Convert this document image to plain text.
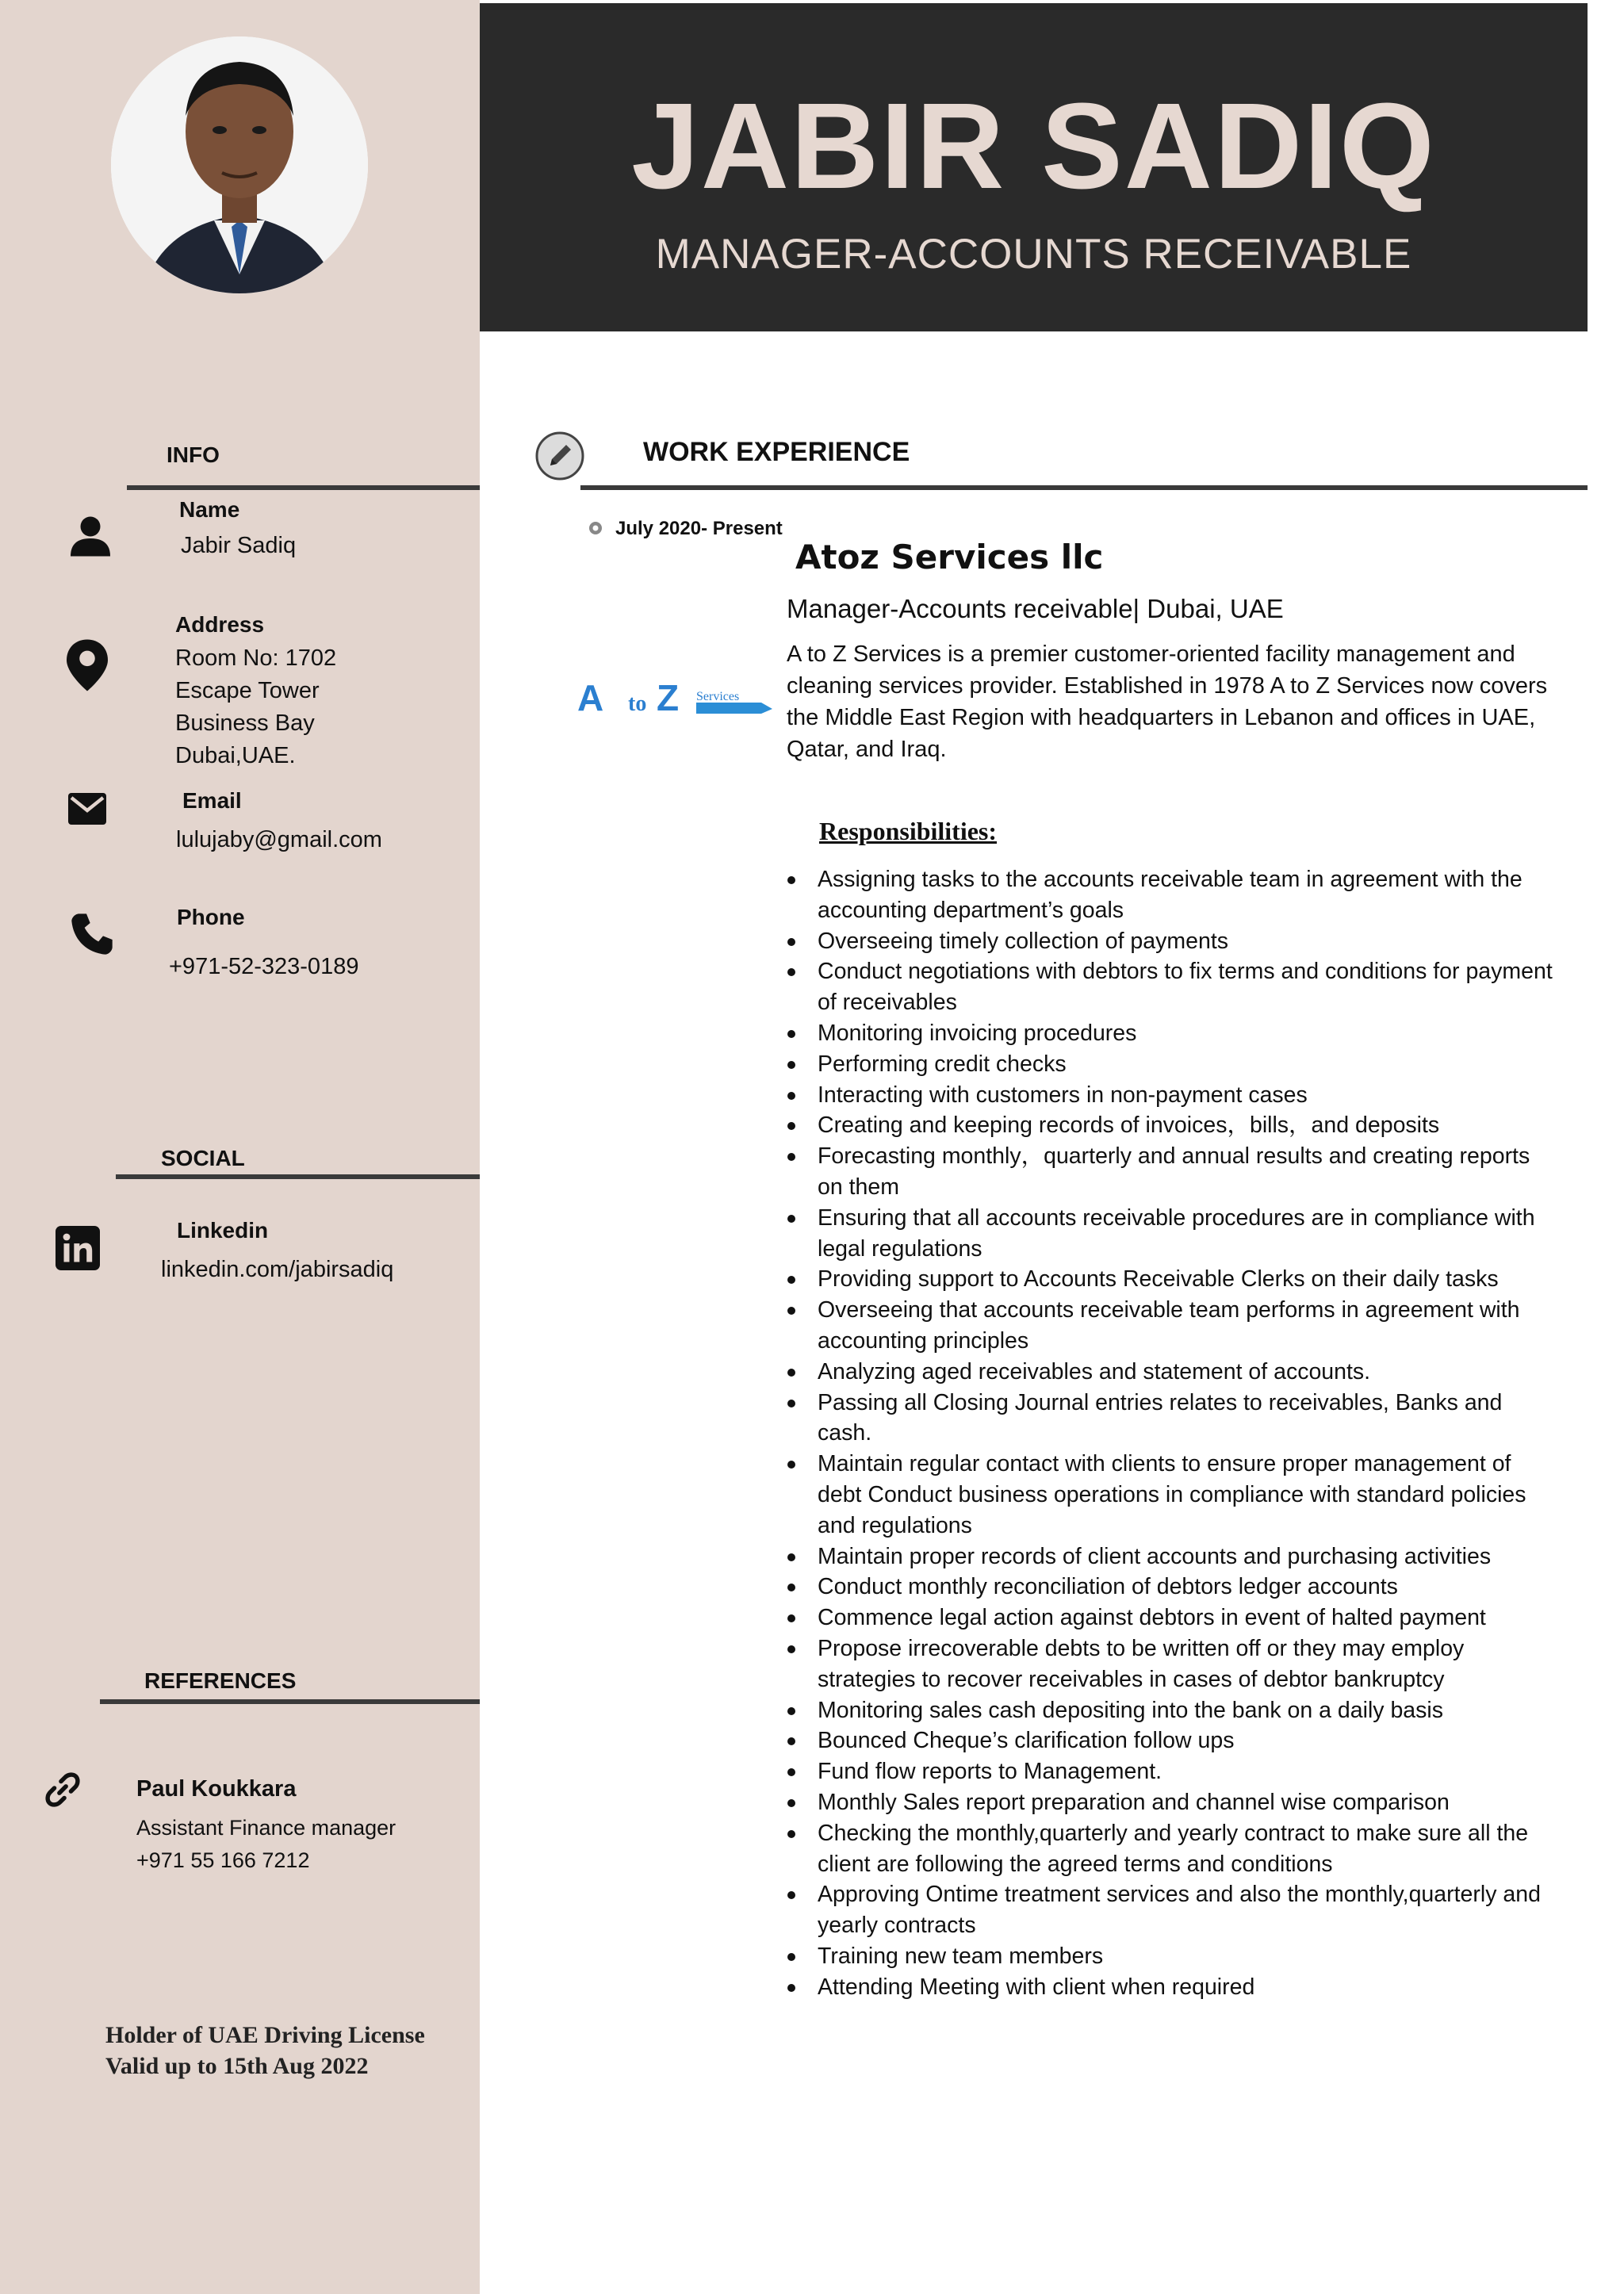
JABIR SADIQ
MANAGER-ACCOUNTS RECEIVABLE
INFO
Name
Jabir Sadiq
Address
Room No: 1702
Escape Tower
Business Bay
Dubai,UAE.
Email
lulujaby@gmail.com
Phone
+971-52-323-0189
SOCIAL
Linkedin
linkedin.com/jabirsadiq
REFERENCES
Paul Koukkara
Assistant Finance manager
+971 55 166 7212
Holder of UAE Driving License
Valid up to 15th Aug 2022
WORK EXPERIENCE
July 2020- Present
Atoz Services llc
Manager-Accounts receivable| Dubai, UAE
A to Z Services
A to Z Services is a premier customer-oriented facility management and cleaning services provider. Established in 1978 A to Z Services now covers the Middle East Region with headquarters in Lebanon and offices in UAE, Qatar, and Iraq.
Responsibilities:
Assigning tasks to the accounts receivable team in agreement with the accounting department’s goals
Overseeing timely collection of payments
Conduct negotiations with debtors to fix terms and conditions for payment of receivables
Monitoring invoicing procedures
Performing credit checks
Interacting with customers in non-payment cases
Creating and keeping records of invoices，bills，and deposits
Forecasting monthly，quarterly and annual results and creating reports on them
Ensuring that all accounts receivable procedures are in compliance with legal regulations
Providing support to Accounts Receivable Clerks on their daily tasks
Overseeing that accounts receivable team performs in agreement with accounting principles
Analyzing aged receivables and statement of accounts.
Passing all Closing Journal entries relates to receivables, Banks and cash.
Maintain regular contact with clients to ensure proper management of debt Conduct business operations in compliance with standard policies and regulations
Maintain proper records of client accounts and purchasing activities
Conduct monthly reconciliation of debtors ledger accounts
Commence legal action against debtors in event of halted payment
Propose irrecoverable debts to be written off or they may employ strategies to recover receivables in cases of debtor bankruptcy
Monitoring sales cash depositing into the bank on a daily basis
Bounced Cheque’s clarification follow ups
Fund flow reports to Management.
Monthly Sales report preparation and channel wise comparison
Checking the monthly,quarterly and yearly contract to make sure all the client are following the agreed terms and conditions
Approving Ontime treatment services and also the monthly,quarterly and yearly contracts
Training new team members
Attending Meeting with client when required
